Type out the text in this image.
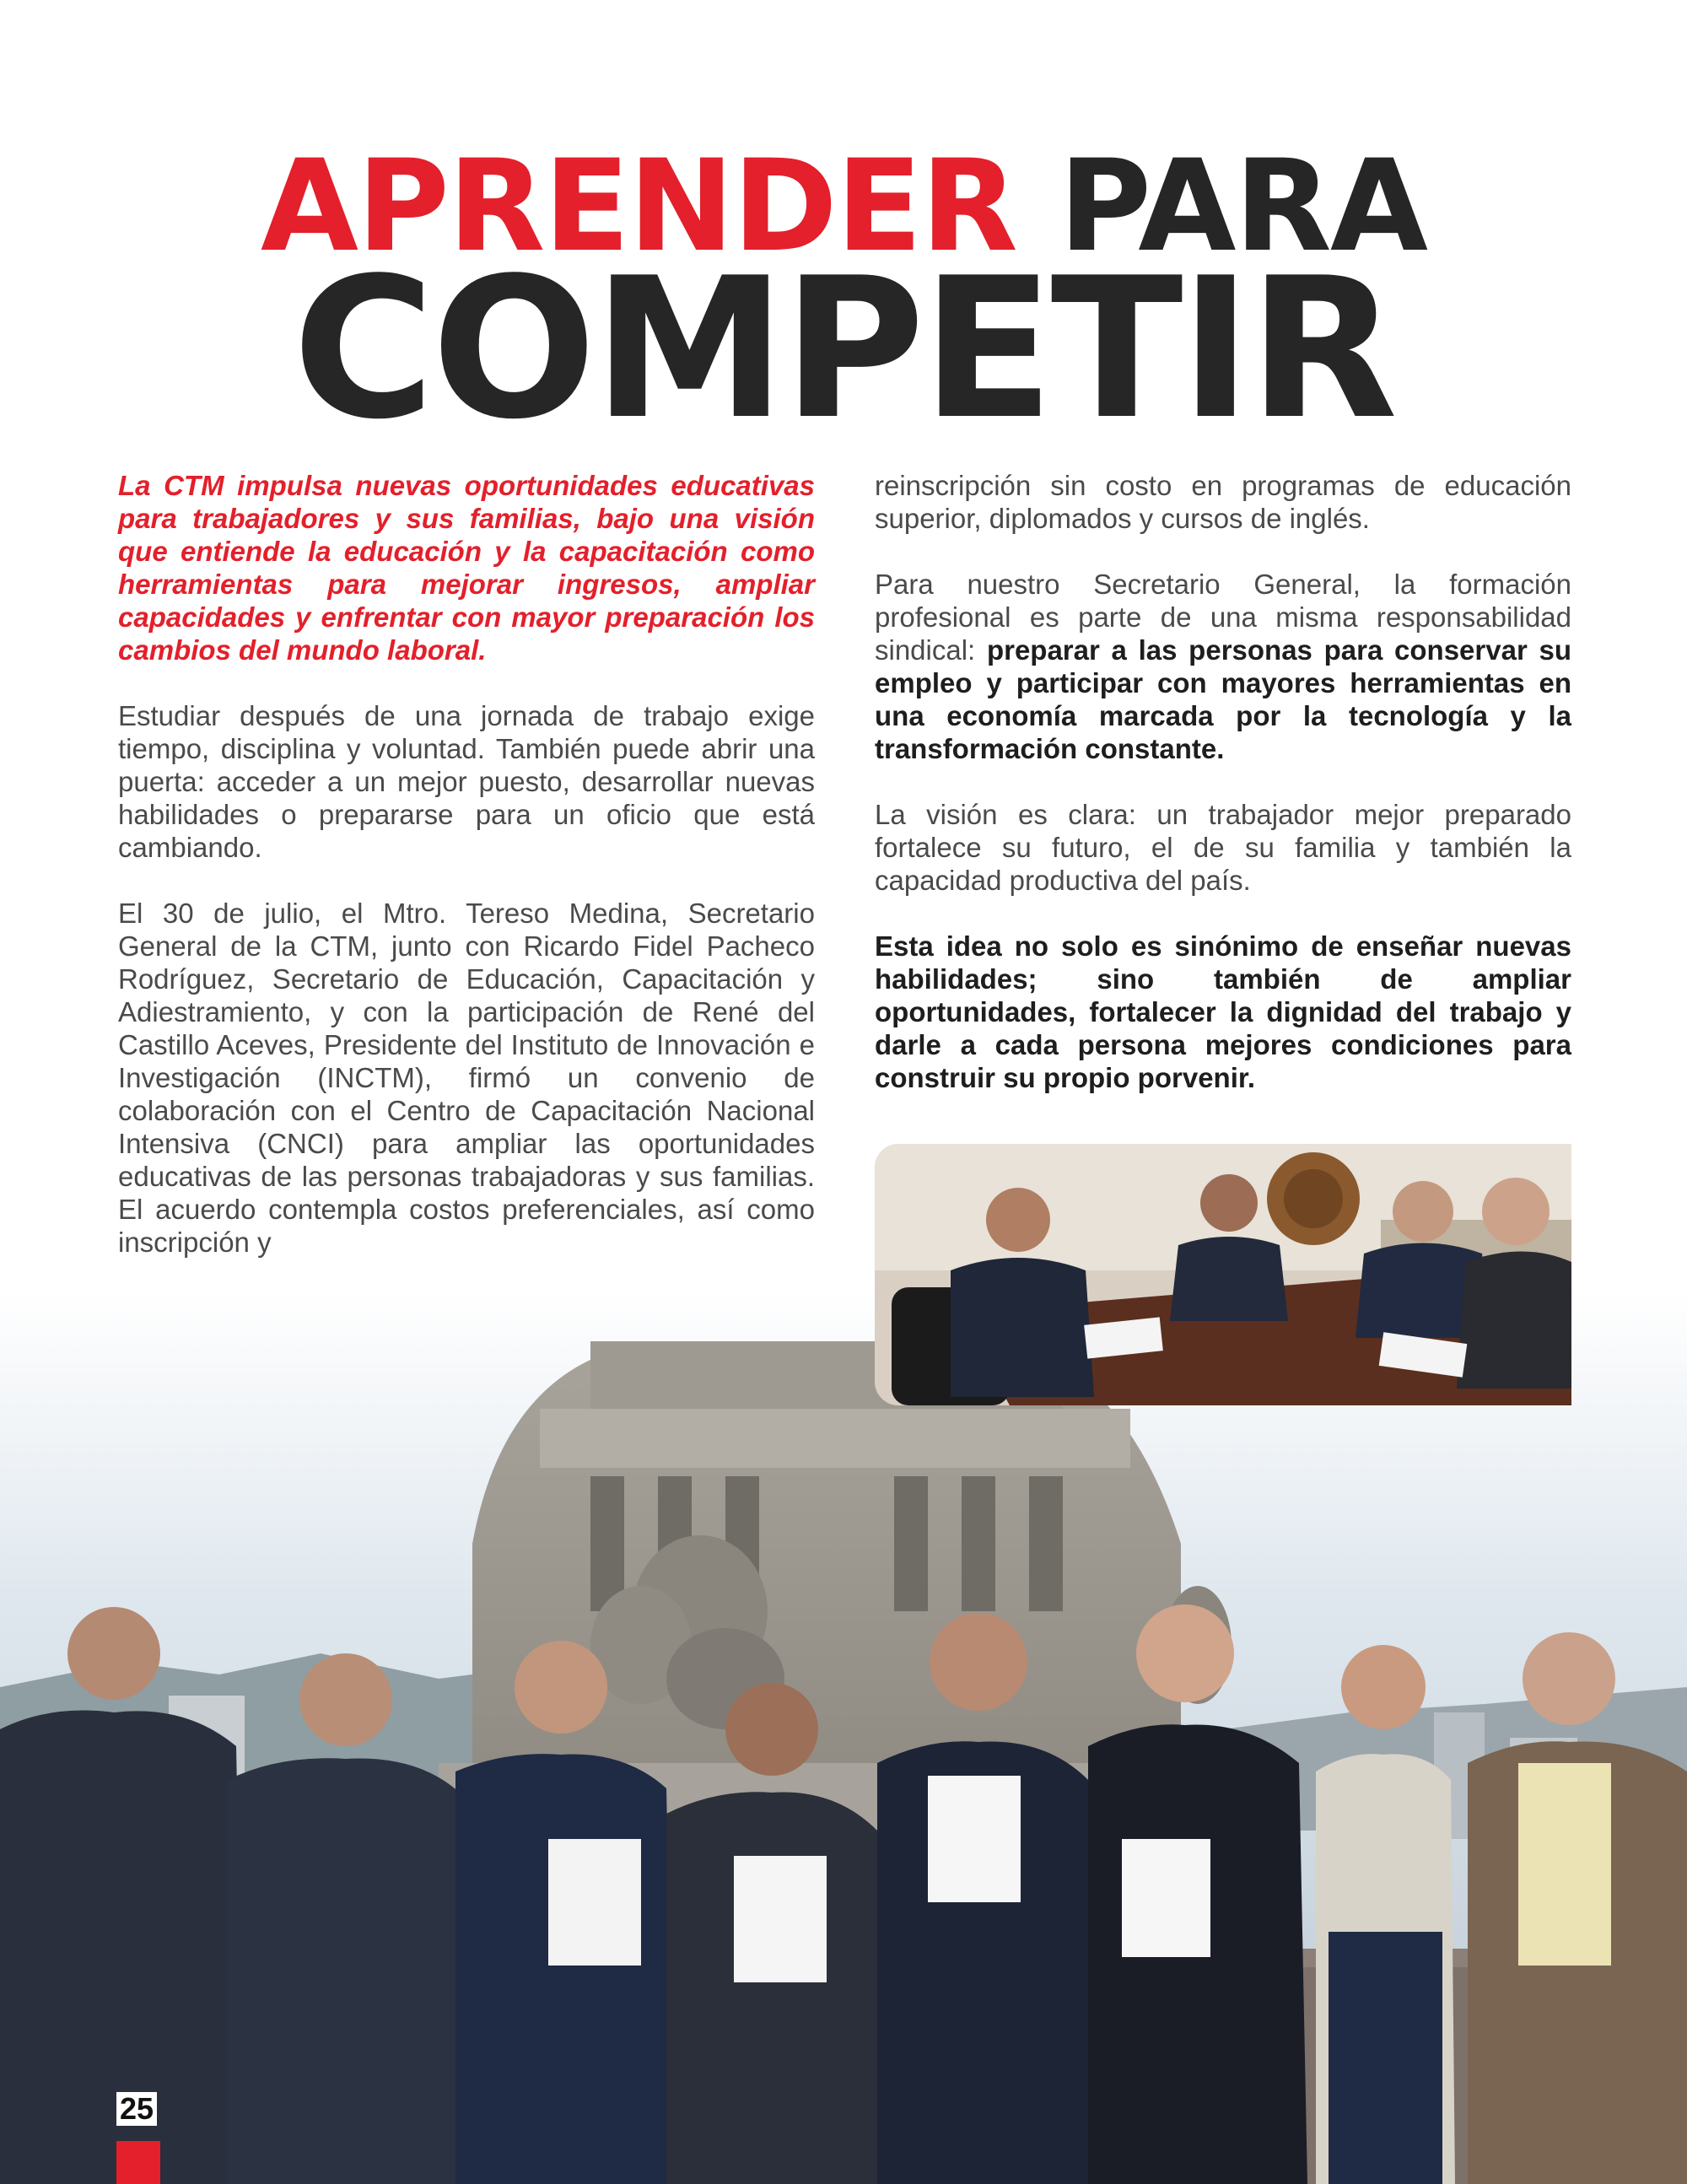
APRENDER PARA
COMPETIR

La CTM impulsa nuevas oportunidades educativas para trabajadores y sus familias, bajo una visión que entiende la educación y la capacitación como herramientas para mejorar ingresos, ampliar capacidades y enfrentar con mayor preparación los cambios del mundo laboral.

Estudiar después de una jornada de trabajo exige tiempo, disciplina y voluntad. También puede abrir una puerta: acceder a un mejor puesto, desarrollar nuevas habilidades o prepararse para un oficio que está cambiando.

El 30 de julio, el Mtro. Tereso Medina, Secretario General de la CTM, junto con Ricardo Fidel Pacheco Rodríguez, Secretario de Educación, Capacitación y Adiestramiento, y con la participación de René del Castillo Aceves, Presidente del Instituto de Innovación e Investigación (INCTM), firmó un convenio de colaboración con el Centro de Capacitación Nacional Intensiva (CNCI) para ampliar las oportunidades educativas de las personas trabajadoras y sus familias. El acuerdo contempla costos preferenciales, así como inscripción y

reinscripción sin costo en programas de educación superior, diplomados y cursos de inglés.

Para nuestro Secretario General, la formación profesional es parte de una misma responsabilidad sindical: preparar a las personas para conservar su empleo y participar con mayores herramientas en una economía marcada por la tecnología y la transformación constante.

La visión es clara: un trabajador mejor preparado fortalece su futuro, el de su familia y también la capacidad productiva del país.

Esta idea no solo es sinónimo de enseñar nuevas habilidades; sino también de ampliar oportunidades, fortalecer la dignidad del trabajo y darle a cada persona mejores condiciones para construir su propio porvenir.

25
